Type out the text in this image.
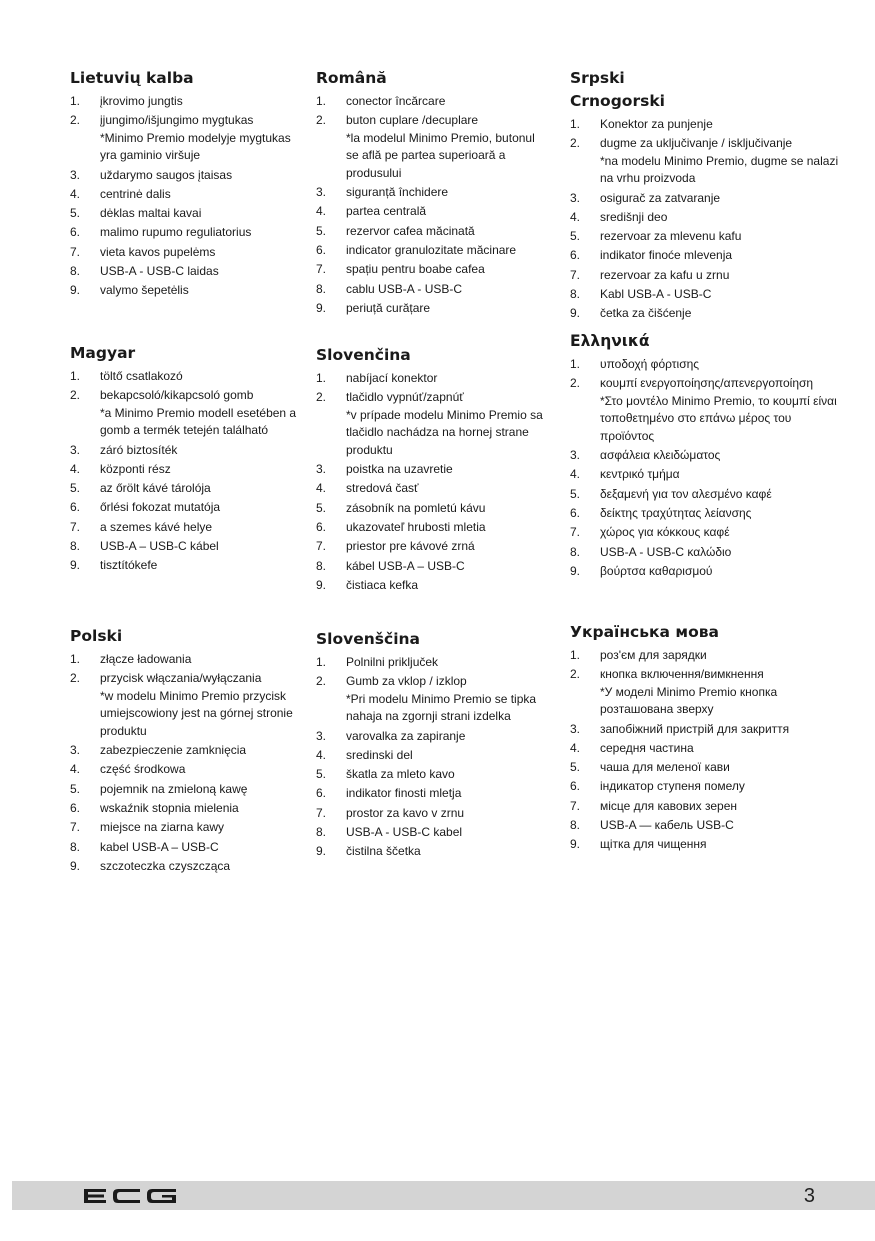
Lietuvių kalba
1. įkrovimo jungtis
2. įjungimo/išjungimo mygtukas
*Minimo Premio modelyje mygtukas yra gaminio viršuje
3. uždarymo saugos įtaisas
4. centrinė dalis
5. dėklas maltai kavai
6. malimo rupumo reguliatorius
7. vieta kavos pupelėms
8. USB-A - USB-C laidas
9. valymo šepetėlis
Română
1. conector încărcare
2. buton cuplare /decuplare
*la modelul Minimo Premio, butonul se află pe partea superioară a produsului
3. siguranță închidere
4. partea centrală
5. rezervor cafea măcinată
6. indicator granulozitate măcinare
7. spațiu pentru boabe cafea
8. cablu USB-A - USB-C
9. periuță curățare
Srpski
Crnogorski
1. Konektor za punjenje
2. dugme za uključivanje / isključivanje
*na modelu Minimo Premio, dugme se nalazi na vrhu proizvoda
3. osigurač za zatvaranje
4. središnji deo
5. rezervoar za mlevenu kafu
6. indikator finoće mlevenja
7. rezervoar za kafu u zrnu
8. Kabl USB-A - USB-C
9. četka za čišćenje
Magyar
1. töltő csatlakozó
2. bekapcsoló/kikapcsoló gomb
*a Minimo Premio modell esetében a gomb a termék tetején található
3. záró biztosíték
4. központi rész
5. az őrölt kávé tárolója
6. őrlési fokozat mutatója
7. a szemes kávé helye
8. USB-A – USB-C kábel
9. tisztítókefe
Slovenčina
1. nabíjací konektor
2. tlačidlo vypnúť/zapnúť
*v prípade modelu Minimo Premio sa tlačidlo nachádza na hornej strane produktu
3. poistka na uzavretie
4. stredová časť
5. zásobník na pomletú kávu
6. ukazovateľ hrubosti mletia
7. priestor pre kávové zrná
8. kábel USB-A – USB-C
9. čistiaca kefka
Ελληνικά
1. υποδοχή φόρτισης
2. κουμπί ενεργοποίησης/απενεργοποίηση
*Στο μοντέλο Minimo Premio, το κουμπί είναι τοποθετημένο στο επάνω μέρος του προϊόντος
3. ασφάλεια κλειδώματος
4. κεντρικό τμήμα
5. δεξαμενή για τον αλεσμένο καφέ
6. δείκτης τραχύτητας λείανσης
7. χώρος για κόκκους καφέ
8. USB-A - USB-C καλώδιο
9. βούρτσα καθαρισμού
Polski
1. złącze ładowania
2. przycisk włączania/wyłączania
*w modelu Minimo Premio przycisk umiejscowiony jest na górnej stronie produktu
3. zabezpieczenie zamknięcia
4. część środkowa
5. pojemnik na zmieloną kawę
6. wskaźnik stopnia mielenia
7. miejsce na ziarna kawy
8. kabel USB-A – USB-C
9. szczoteczka czyszcząca
Slovenščina
1. Polnilni priključek
2. Gumb za vklop / izklop
*Pri modelu Minimo Premio se tipka nahaja na zgornji strani izdelka
3. varovalka za zapiranje
4. sredinski del
5. škatla za mleto kavo
6. indikator finosti mletja
7. prostor za kavo v zrnu
8. USB-A - USB-C kabel
9. čistilna ščetka
Українська мова
1. роз'єм для зарядки
2. кнопка включення/вимкнення
*У моделі Minimo Premio кнопка розташована зверху
3. запобіжний пристрій для закриття
4. середня частина
5. чаша для меленої кави
6. індикатор ступеня помелу
7. місце для кавових зерен
8. USB-A — кабель USB-C
9. щітка для чищення
3
